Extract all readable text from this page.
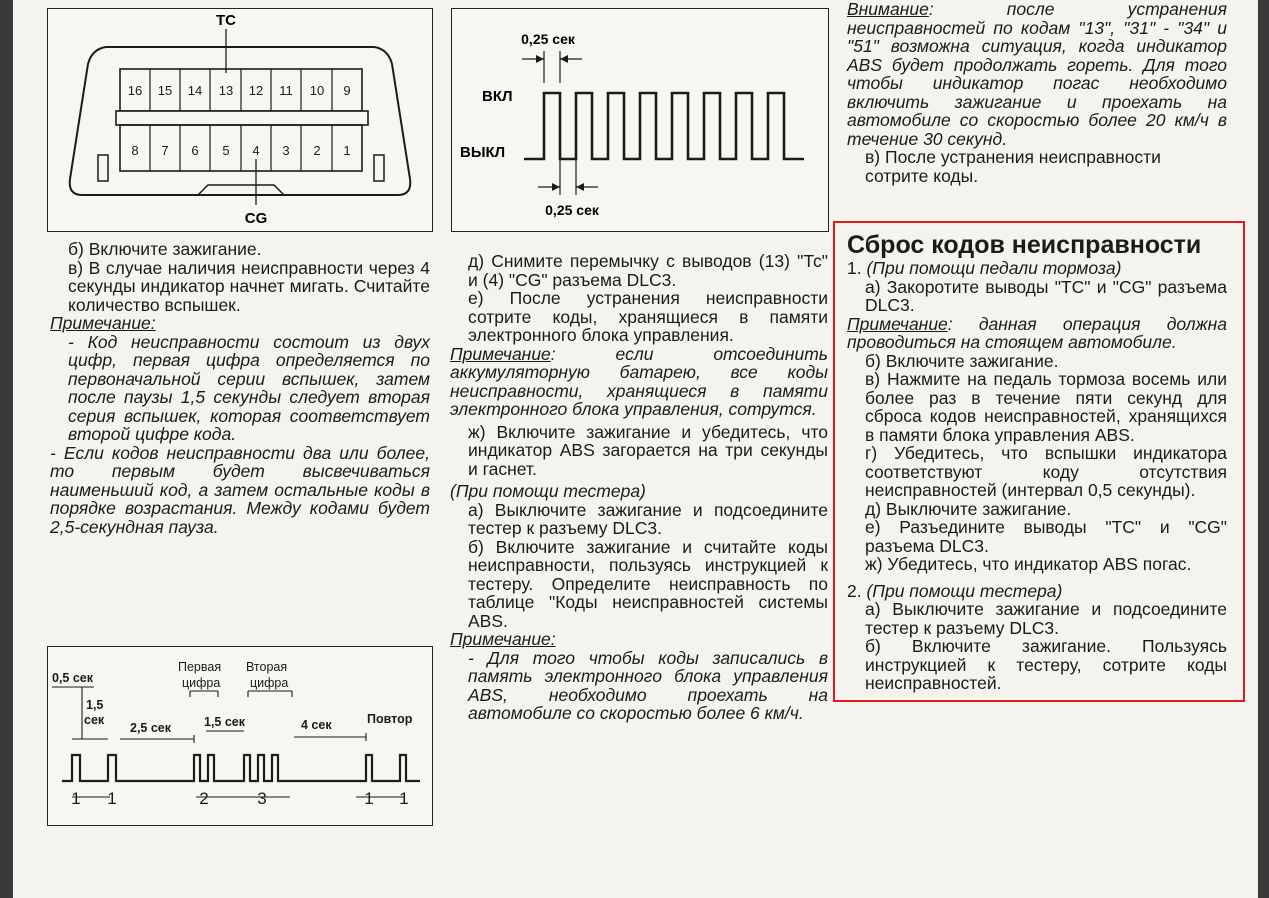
16 15 14 13 12 11 10 9
8 7 6 5 4 3 2 1
TC
CG
0,25 сек
ВКЛ
ВЫКЛ
0,25 сек
0,5 сек
1,5
сек
2,5 сек	1,5 сек	4 сек	Повтор
Первая
цифра
Вторая
цифра
1 1	2	3	1 1

б) Включите зажигание.

в) В случае наличия неисправности через 4 секунды индикатор начнет мигать. Считайте количество вспышек.

Примечание:

- Код неисправности состоит из двух цифр, первая цифра определяется по первоначальной серии вспышек, затем после паузы 1,5 секунды следует вторая серия вспышек, которая соответствует второй цифре кода.

- Если кодов неисправности два или более, то первым будет высвечиваться наименьший код, а затем остальные коды в порядке возрастания. Между кодами будет 2,5-секундная пауза.

д) Снимите перемычку с выводов (13) "Тс" и (4) "CG" разъема DLC3.

е) После устранения неисправности сотрите коды, хранящиеся в памяти электронного блока управления.

Примечание: если отсоединить аккумуляторную батарею, все коды неисправности, хранящиеся в памяти электронного блока управления, сотрутся.

ж) Включите зажигание и убедитесь, что индикатор ABS загорается на три секунды и гаснет.

(При помощи тестера)

а) Выключите зажигание и подсоедините тестер к разъему DLC3.

б) Включите зажигание и считайте коды неисправности, пользуясь инструкцией к тестеру. Определите неисправность по таблице "Коды неисправностей системы ABS.

Примечание:

- Для того чтобы коды записались в память электронного блока управления ABS, необходимо проехать на автомобиле со скоростью более 6 км/ч.

Внимание: после устранения неисправностей по кодам "13", "31" - "34" и "51" возможна ситуация, когда индикатор ABS будет продолжать гореть. Для того чтобы индикатор погас необходимо включить зажигание и проехать на автомобиле со скоростью более 20 км/ч в течение 30 секунд.

в) После устранения неисправности сотрите коды.

Сброс кодов неисправности

1. (При помощи педали тормоза)

а) Закоротите выводы "ТС" и "CG" разъема DLC3.

Примечание: данная операция должна проводиться на стоящем автомобиле.

б) Включите зажигание.

в) Нажмите на педаль тормоза восемь или более раз в течение пяти секунд для сброса кодов неисправностей, хранящихся в памяти блока управления ABS.

г) Убедитесь, что вспышки индикатора соответствуют коду отсутствия неисправностей (интервал 0,5 секунды).

д) Выключите зажигание.

е) Разъедините выводы "ТС" и "CG" разъема DLC3.

ж) Убедитесь, что индикатор ABS погас.

2. (При помощи тестера)

а) Выключите зажигание и подсоедините тестер к разъему DLC3.

б) Включите зажигание. Пользуясь инструкцией к тестеру, сотрите коды неисправностей.
